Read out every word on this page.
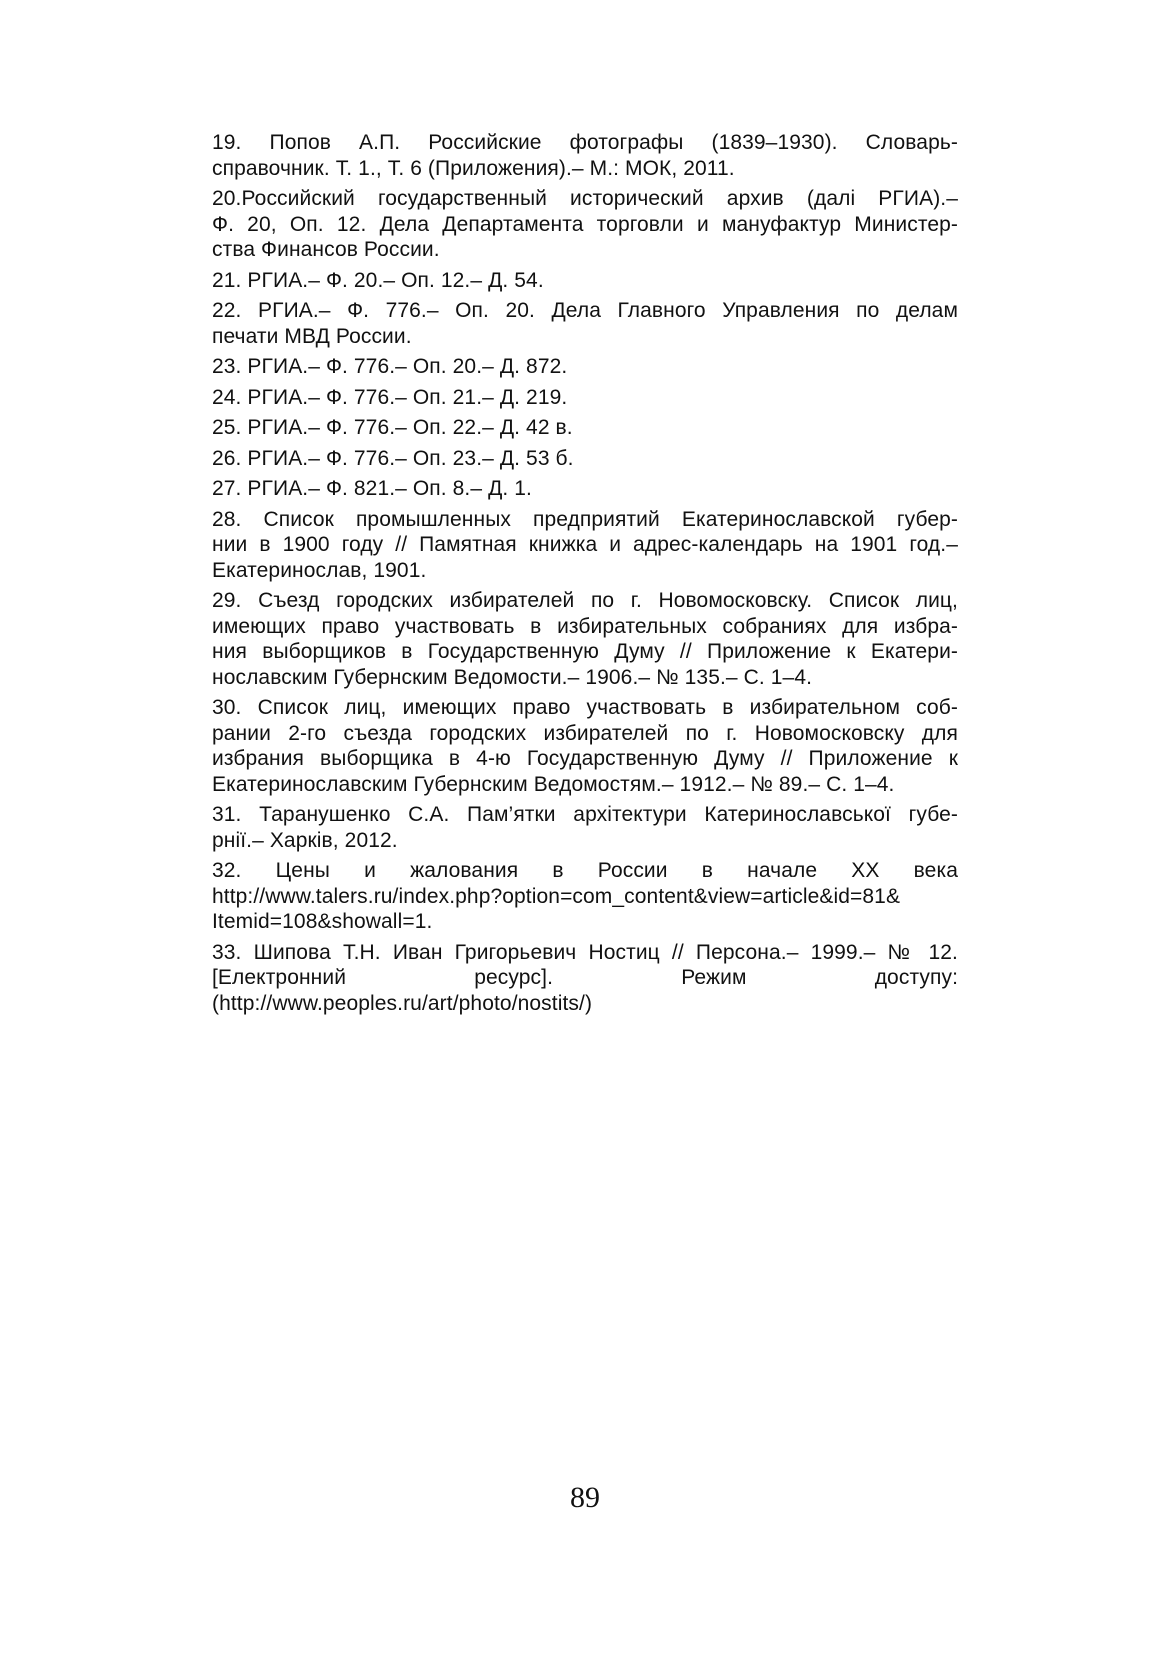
19. Попов А.П. Российские фотографы (1839–1930). Словарь-
справочник. Т. 1., Т. 6 (Приложения).– М.: МОК, 2011.
20.Российский государственный исторический архив (далі РГИА).–
Ф. 20, Оп. 12. Дела Департамента торговли и мануфактур Министер-
ства Финансов России.
21. РГИА.– Ф. 20.– Оп. 12.– Д. 54.
22. РГИА.– Ф. 776.– Оп. 20. Дела Главного Управления по делам
печати МВД России.
23. РГИА.– Ф. 776.– Оп. 20.– Д. 872.
24. РГИА.– Ф. 776.– Оп. 21.– Д. 219.
25. РГИА.– Ф. 776.– Оп. 22.– Д. 42 в.
26. РГИА.– Ф. 776.– Оп. 23.– Д. 53 б.
27. РГИА.– Ф. 821.– Оп. 8.– Д. 1.
28. Список промышленных предприятий Екатеринославской губер-
нии в 1900 году // Памятная книжка и адрес-календарь на 1901 год.–
Екатеринослав, 1901.
29. Съезд городских избирателей по г. Новомосковску. Список лиц,
имеющих право участвовать в избирательных собраниях для избра-
ния выборщиков в Государственную Думу // Приложение к Екатери-
нославским Губернским Ведомости.– 1906.– № 135.– С. 1–4.
30. Список лиц, имеющих право участвовать в избирательном соб-
рании 2-го съезда городских избирателей по г. Новомосковску для
избрания выборщика в 4-ю Государственную Думу // Приложение к
Екатеринославским Губернским Ведомостям.– 1912.– № 89.– С. 1–4.
31. Таранушенко С.А. Пам’ятки архітектури Катеринославської губе-
рнії.– Харків, 2012.
32. Цены и жалования в России в начале XX века
http://www.talers.ru/index.php?option=com_content&view=article&id=81&
Itemid=108&showall=1.
33. Шипова Т.Н. Иван Григорьевич Ностиц // Персона.– 1999.– № 12.
[Електронний ресурс]. Режим доступу:
(http://www.peoples.ru/art/photo/nostits/)
89
